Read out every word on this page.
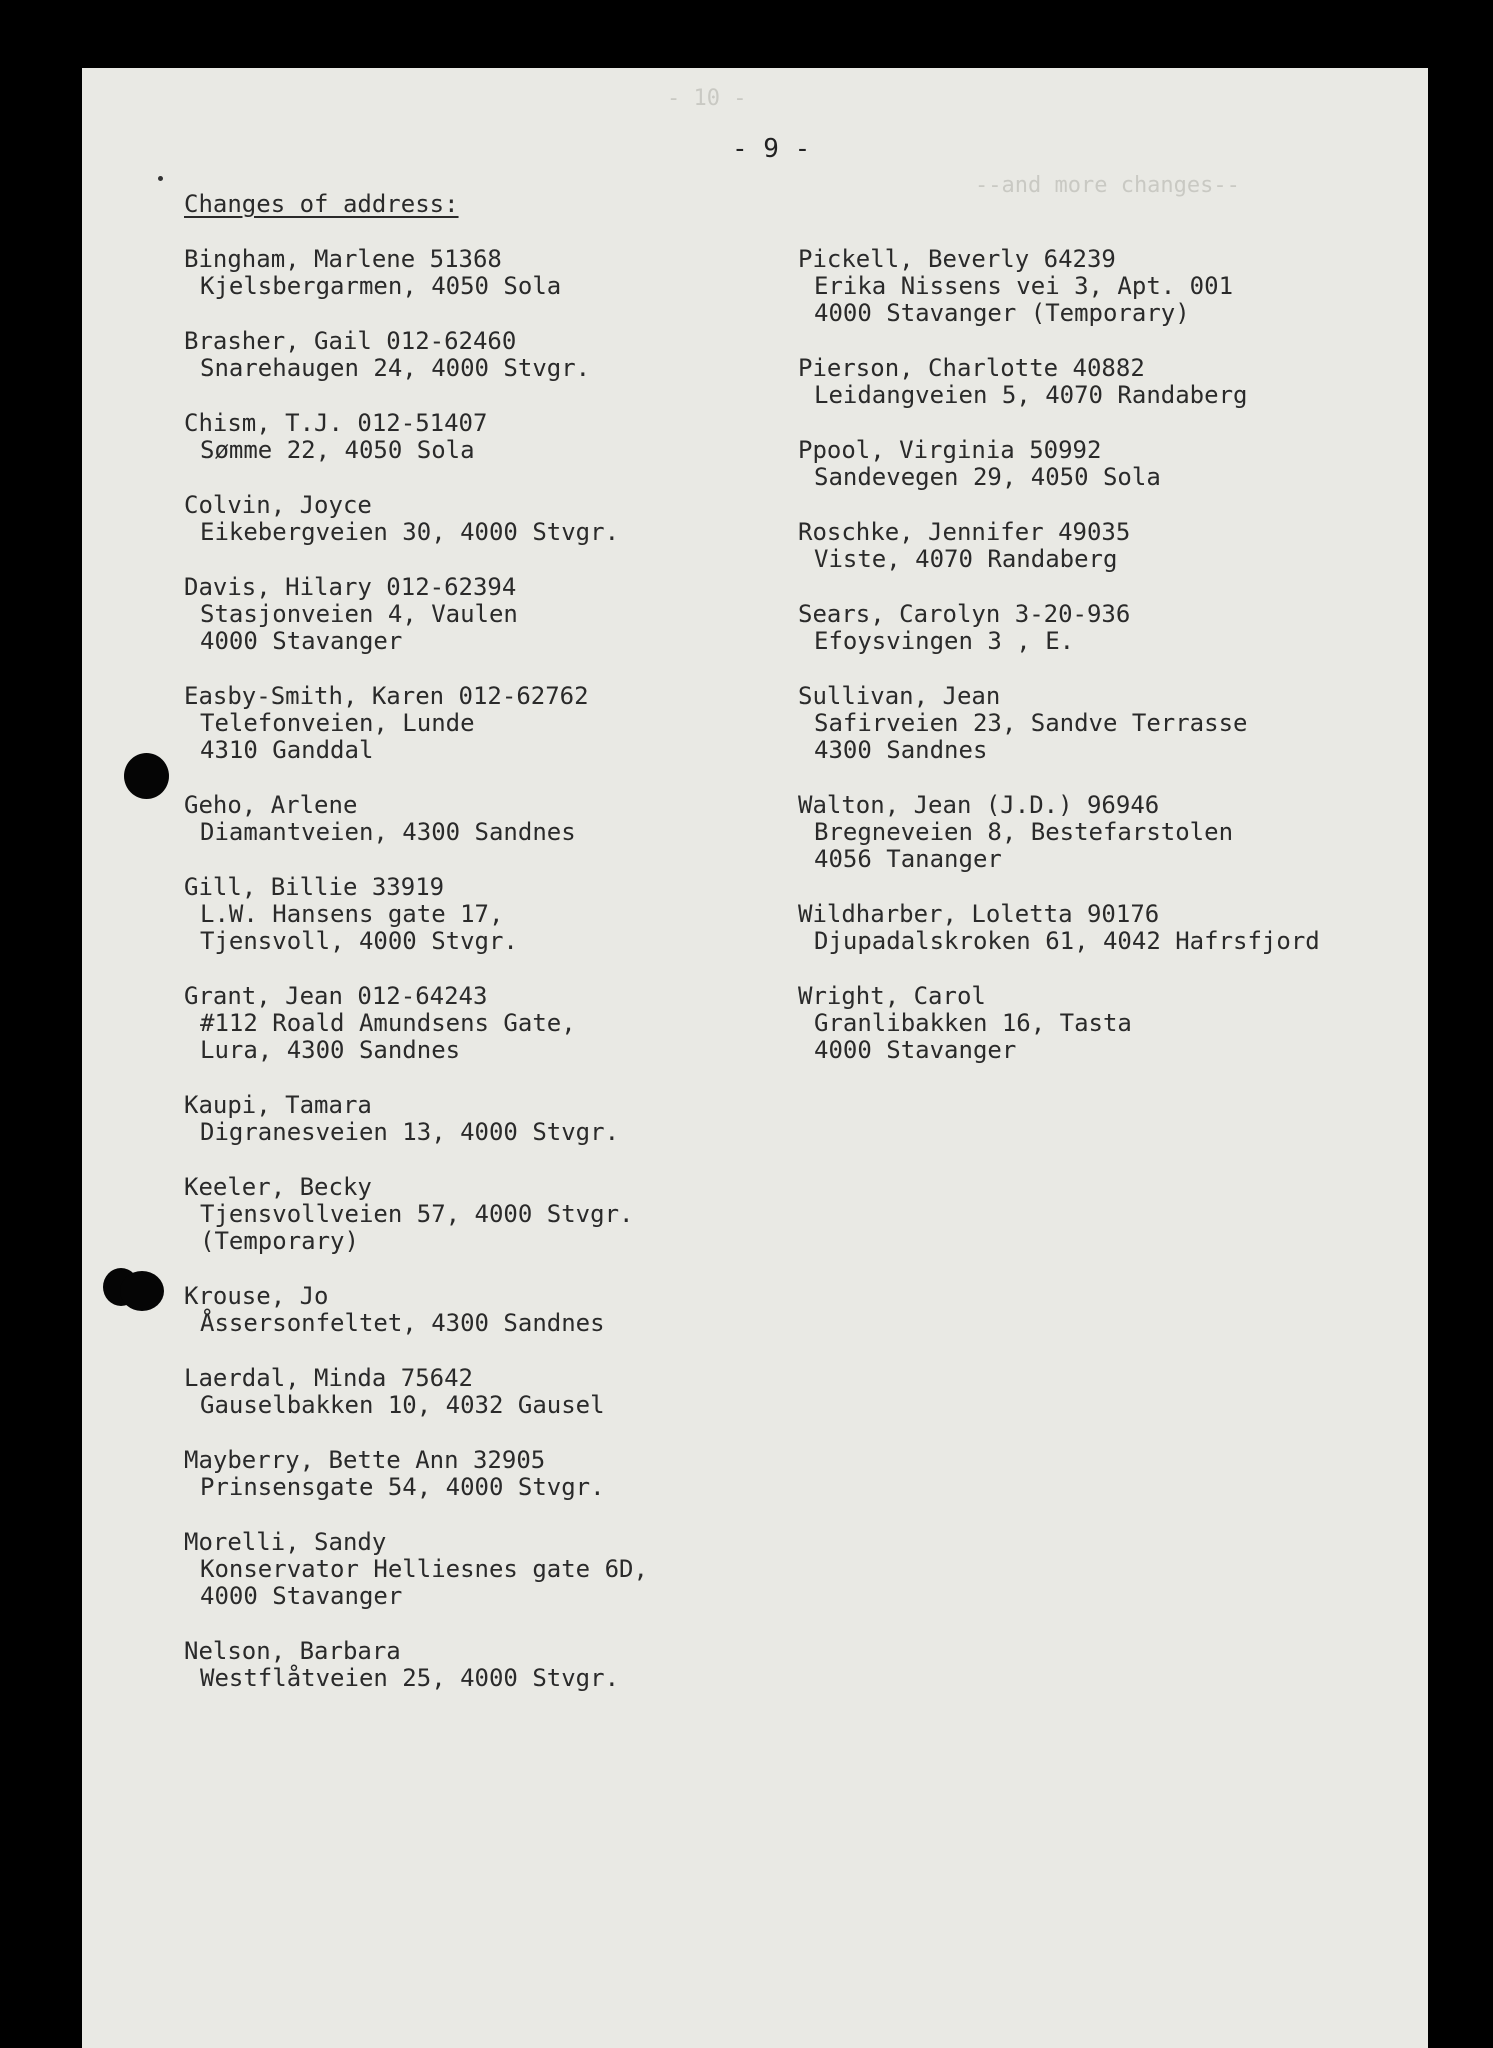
- 10 -
--and more changes--
- 9 -
Changes of address:
Bingham, Marlene 51368
Kjelsbergarmen, 4050 Sola
Brasher, Gail 012-62460
Snarehaugen 24, 4000 Stvgr.
Chism, T.J. 012-51407
Sømme 22, 4050 Sola
Colvin, Joyce
Eikebergveien 30, 4000 Stvgr.
Davis, Hilary 012-62394
Stasjonveien 4, Vaulen
4000 Stavanger
Easby-Smith, Karen 012-62762
Telefonveien, Lunde
4310 Ganddal
Geho, Arlene
Diamantveien, 4300 Sandnes
Gill, Billie 33919
L.W. Hansens gate 17,
Tjensvoll, 4000 Stvgr.
Grant, Jean 012-64243
#112 Roald Amundsens Gate,
Lura, 4300 Sandnes
Kaupi, Tamara
Digranesveien 13, 4000 Stvgr.
Keeler, Becky
Tjensvollveien 57, 4000 Stvgr.
(Temporary)
Krouse, Jo
Åssersonfeltet, 4300 Sandnes
Laerdal, Minda 75642
Gauselbakken 10, 4032 Gausel
Mayberry, Bette Ann 32905
Prinsensgate 54, 4000 Stvgr.
Morelli, Sandy
Konservator Helliesnes gate 6D,
4000 Stavanger
Nelson, Barbara
Westflåtveien 25, 4000 Stvgr.
Pickell, Beverly 64239
Erika Nissens vei 3, Apt. 001
4000 Stavanger (Temporary)
Pierson, Charlotte 40882
Leidangveien 5, 4070 Randaberg
Ppool, Virginia 50992
Sandevegen 29, 4050 Sola
Roschke, Jennifer 49035
Viste, 4070 Randaberg
Sears, Carolyn 3-20-936
Efoysvingen 3 , E.
Sullivan, Jean
Safirveien 23, Sandve Terrasse
4300 Sandnes
Walton, Jean (J.D.) 96946
Bregneveien 8, Bestefarstolen
4056 Tananger
Wildharber, Loletta 90176
Djupadalskroken 61, 4042 Hafrsfjord
Wright, Carol
Granlibakken 16, Tasta
4000 Stavanger
